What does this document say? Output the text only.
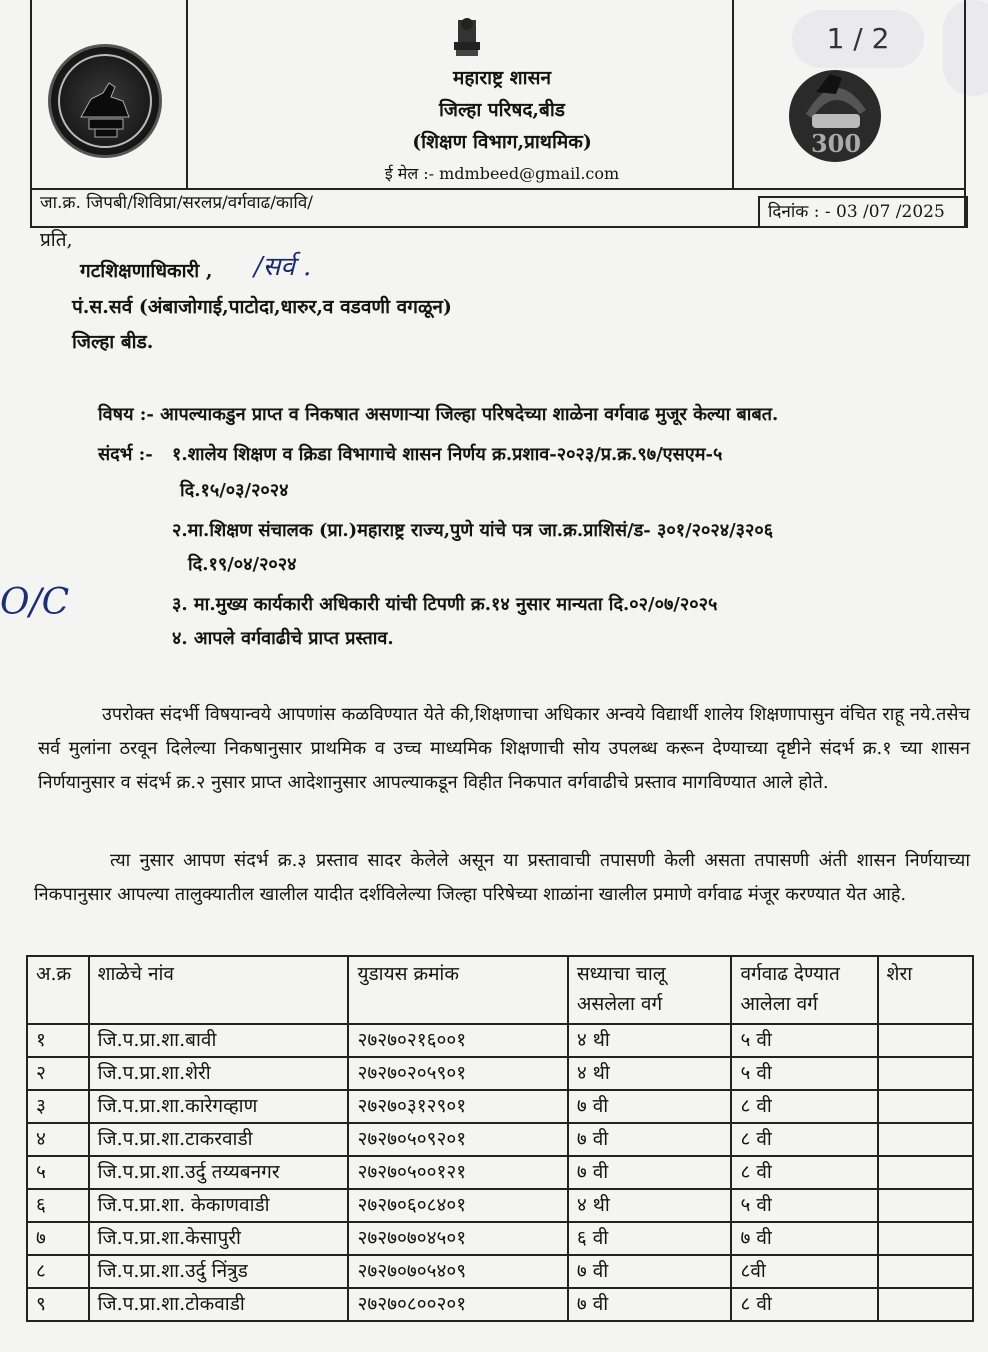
1 / 2
महाराष्ट्र शासन
जिल्हा परिषद,बीड
(शिक्षण विभाग,प्राथमिक)
ई मेल :- mdmbeed@gmail.com
300
जा.क्र. जिपबी/शिविप्रा/सरलप्र/वर्गवाढ/कावि/	दिनांक : - 03 /07 /2025
प्रति,
गटशिक्षणाधिकारी , /सर्व .
पं.स.सर्व (अंबाजोगाई,पाटोदा,धारुर,व वडवणी वगळून)
जिल्हा बीड.
विषय :- आपल्याकडुन प्राप्त व निकषात असणाऱ्या जिल्हा परिषदेच्या शाळेना वर्गवाढ मुजूर केल्या बाबत.
संदर्भ :- १.शालेय शिक्षण व क्रिडा विभागाचे शासन निर्णय क्र.प्रशाव-२०२३/प्र.क्र.९७/एसएम-५
दि.१५/०३/२०२४
२.मा.शिक्षण संचालक (प्रा.)महाराष्ट्र राज्य,पुणे यांचे पत्र जा.क्र.प्राशिसं/ड- ३०१/२०२४/३२०६
दि.१९/०४/२०२४
O/C	३. मा.मुख्य कार्यकारी अधिकारी यांची टिपणी क्र.१४ नुसार मान्यता दि.०२/०७/२०२५
४. आपले वर्गवाढीचे प्राप्त प्रस्ताव.
उपरोक्त संदर्भी विषयान्वये आपणांस कळविण्यात येते की,शिक्षणाचा अधिकार अन्वये विद्यार्थी शालेय शिक्षणापासुन वंचित राहू नये.तसेच सर्व मुलांना ठरवून दिलेल्या निकषानुसार प्राथमिक व उच्च माध्यमिक शिक्षणाची सोय उपलब्ध करून देण्याच्या दृष्टीने संदर्भ क्र.१ च्या शासन निर्णयानुसार व संदर्भ क्र.२ नुसार प्राप्त आदेशानुसार आपल्याकडून विहीत निकपात वर्गवाढीचे प्रस्ताव मागविण्यात आले होते.
त्या नुसार आपण संदर्भ क्र.३ प्रस्ताव सादर केलेले असून या प्रस्तावाची तपासणी केली असता तपासणी अंती शासन निर्णयाच्या निकपानुसार आपल्या तालुक्यातील खालील यादीत दर्शविलेल्या जिल्हा परिषेच्या शाळांना खालील प्रमाणे वर्गवाढ मंजूर करण्यात येत आहे.
अ.क्र	शाळेचे नांव	युडायस क्रमांक	सध्याचा चालू असलेला वर्ग	वर्गवाढ देण्यात आलेला वर्ग	शेरा
१	जि.प.प्रा.शा.बावी	२७२७०२१६००१	४ थी	५ वी	
२	जि.प.प्रा.शा.शेरी	२७२७०२०५९०१	४ थी	५ वी	
३	जि.प.प्रा.शा.कारेगव्हाण	२७२७०३१२९०१	७ वी	८ वी	
४	जि.प.प्रा.शा.टाकरवाडी	२७२७०५०९२०१	७ वी	८ वी	
५	जि.प.प्रा.शा.उर्दु तय्यबनगर	२७२७०५००१२१	७ वी	८ वी	
६	जि.प.प्रा.शा. केकाणवाडी	२७२७०६०८४०१	४ थी	५ वी	
७	जि.प.प्रा.शा.केसापुरी	२७२७०७०४५०१	६ वी	७ वी	
८	जि.प.प्रा.शा.उर्दु निंत्रुड	२७२७०७०५४०९	७ वी	८वी	
९	जि.प.प्रा.शा.टोकवाडी	२७२७०८००२०१	७ वी	८ वी	
